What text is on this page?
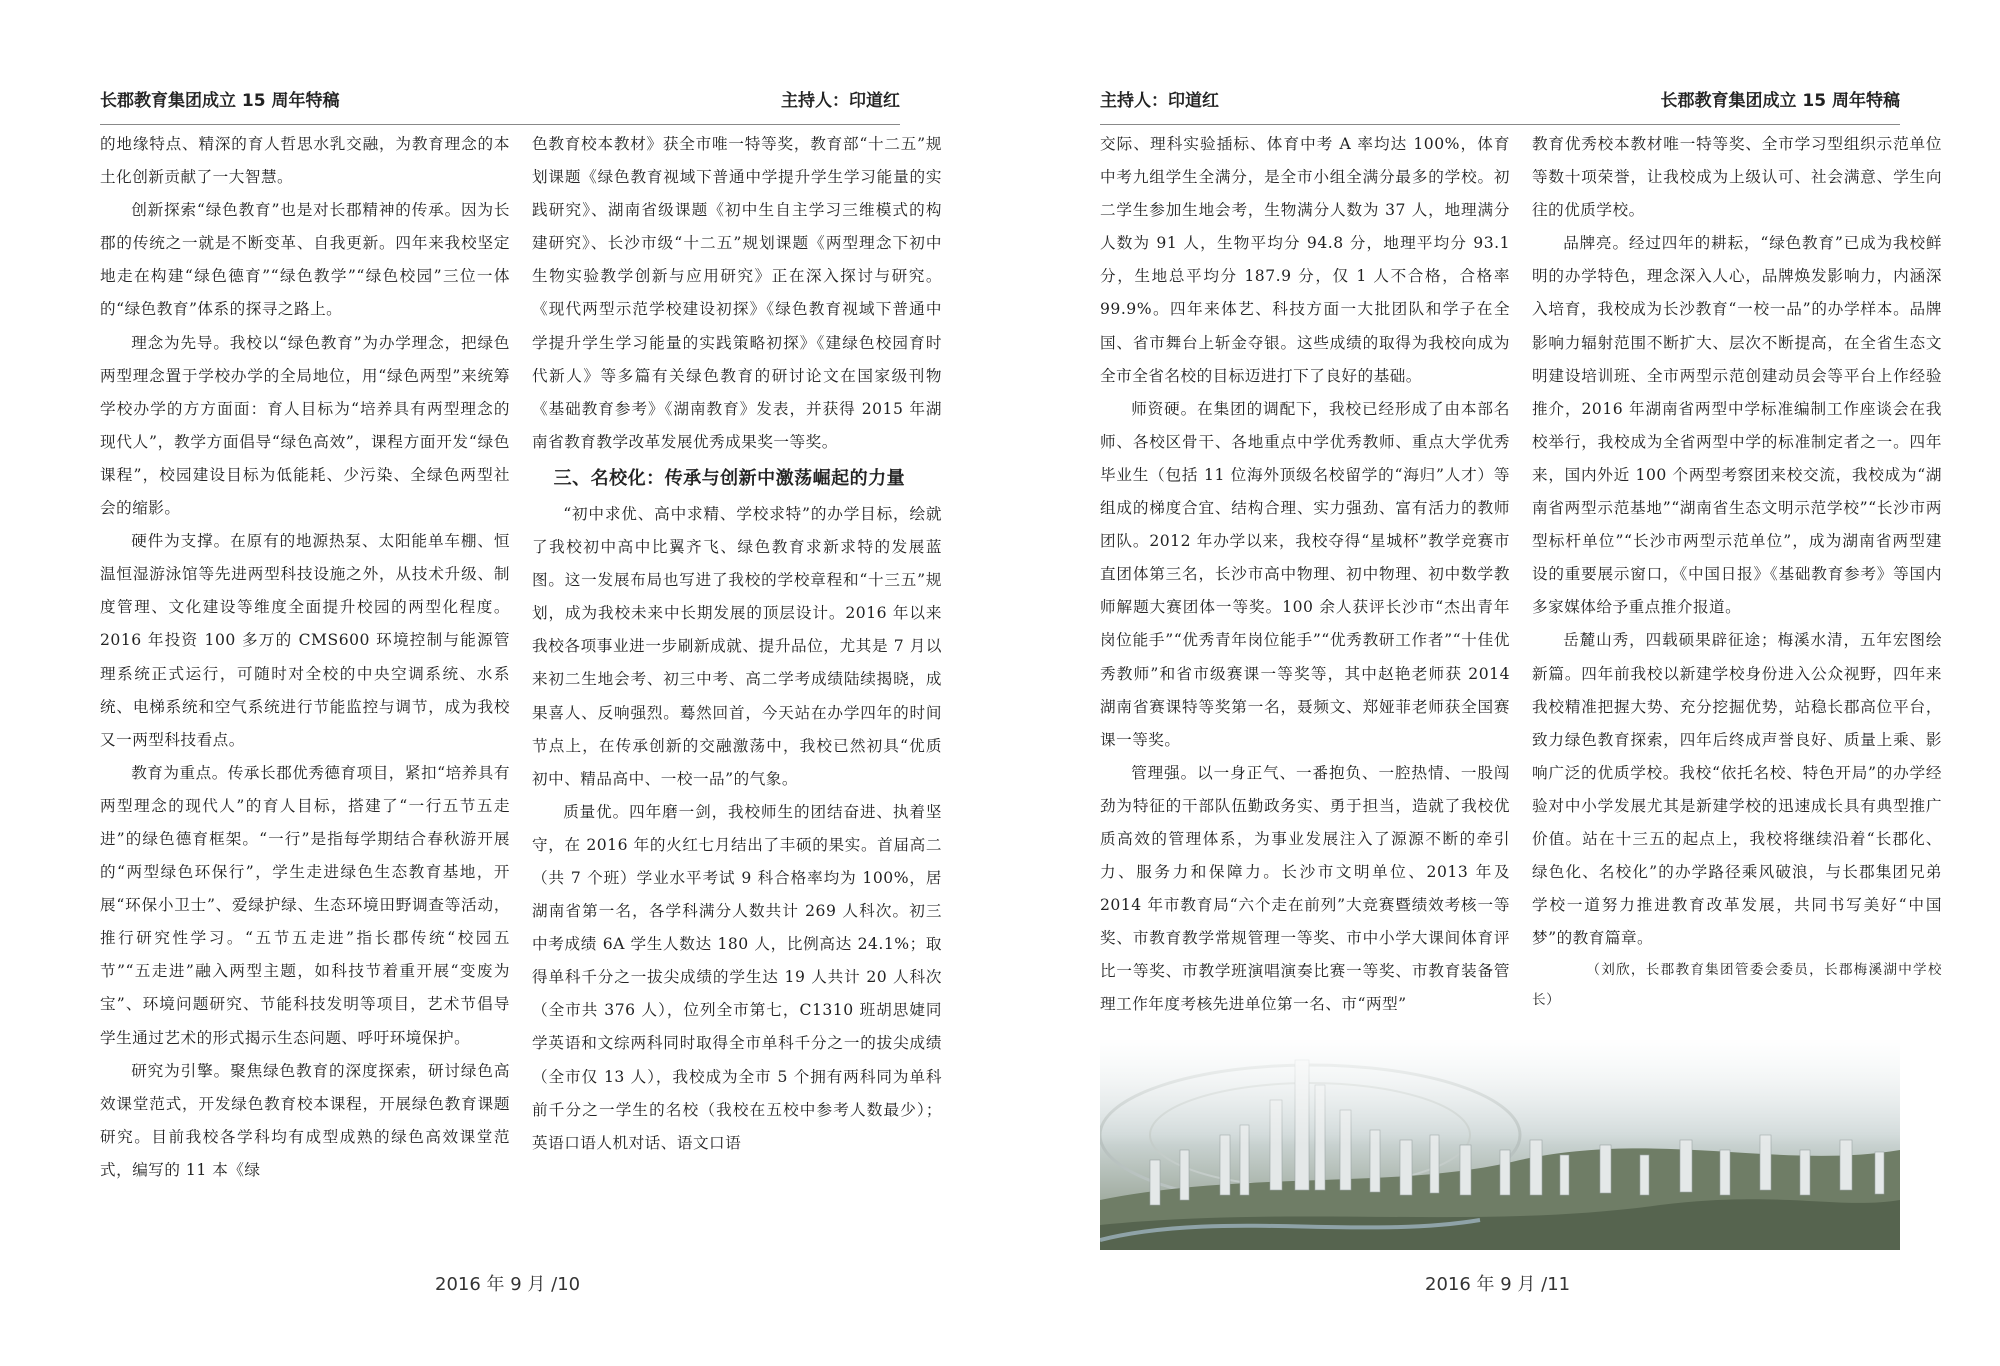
长郡教育集团成立 15 周年特稿	主持人：印道红

的地缘特点、精深的育人哲思水乳交融，为教育理念的本土化创新贡献了一大智慧。

创新探索“绿色教育”也是对长郡精神的传承。因为长郡的传统之一就是不断变革、自我更新。四年来我校坚定地走在构建“绿色德育”“绿色教学”“绿色校园”三位一体的“绿色教育”体系的探寻之路上。

理念为先导。我校以“绿色教育”为办学理念，把绿色两型理念置于学校办学的全局地位，用“绿色两型”来统筹学校办学的方方面面：育人目标为“培养具有两型理念的现代人”，教学方面倡导“绿色高效”，课程方面开发“绿色课程”，校园建设目标为低能耗、少污染、全绿色两型社会的缩影。

硬件为支撑。在原有的地源热泵、太阳能单车棚、恒温恒湿游泳馆等先进两型科技设施之外，从技术升级、制度管理、文化建设等维度全面提升校园的两型化程度。2016 年投资 100 多万的 CMS600 环境控制与能源管理系统正式运行，可随时对全校的中央空调系统、水系统、电梯系统和空气系统进行节能监控与调节，成为我校又一两型科技看点。

教育为重点。传承长郡优秀德育项目，紧扣“培养具有两型理念的现代人”的育人目标，搭建了“一行五节五走进”的绿色德育框架。“一行”是指每学期结合春秋游开展的“两型绿色环保行”，学生走进绿色生态教育基地，开展“环保小卫士”、爱绿护绿、生态环境田野调查等活动，推行研究性学习。“五节五走进”指长郡传统“校园五节”“五走进”融入两型主题，如科技节着重开展“变废为宝”、环境问题研究、节能科技发明等项目，艺术节倡导学生通过艺术的形式揭示生态问题、呼吁环境保护。

研究为引擎。聚焦绿色教育的深度探索，研讨绿色高效课堂范式，开发绿色教育校本课程，开展绿色教育课题研究。目前我校各学科均有成型成熟的绿色高效课堂范式，编写的 11 本《绿

色教育校本教材》获全市唯一特等奖，教育部“十二五”规划课题《绿色教育视域下普通中学提升学生学习能量的实践研究》、湖南省级课题《初中生自主学习三维模式的构建研究》、长沙市级“十二五”规划课题《两型理念下初中生物实验教学创新与应用研究》正在深入探讨与研究。《现代两型示范学校建设初探》《绿色教育视域下普通中学提升学生学习能量的实践策略初探》《建绿色校园育时代新人》等多篇有关绿色教育的研讨论文在国家级刊物《基础教育参考》《湖南教育》发表，并获得 2015 年湖南省教育教学改革发展优秀成果奖一等奖。

三、名校化：传承与创新中激荡崛起的力量

“初中求优、高中求精、学校求特”的办学目标，绘就了我校初中高中比翼齐飞、绿色教育求新求特的发展蓝图。这一发展布局也写进了我校的学校章程和“十三五”规划，成为我校未来中长期发展的顶层设计。2016 年以来我校各项事业进一步刷新成就、提升品位，尤其是 7 月以来初二生地会考、初三中考、高二学考成绩陆续揭晓，成果喜人、反响强烈。蓦然回首，今天站在办学四年的时间节点上，在传承创新的交融激荡中，我校已然初具“优质初中、精品高中、一校一品”的气象。

质量优。四年磨一剑，我校师生的团结奋进、执着坚守，在 2016 年的火红七月结出了丰硕的果实。首届高二（共 7 个班）学业水平考试 9 科合格率均为 100%，居湖南省第一名，各学科满分人数共计 269 人科次。初三中考成绩 6A 学生人数达 180 人，比例高达 24.1%；取得单科千分之一拔尖成绩的学生达 19 人共计 20 人科次（全市共 376 人），位列全市第七，C1310 班胡思婕同学英语和文综两科同时取得全市单科千分之一的拔尖成绩（全市仅 13 人），我校成为全市 5 个拥有两科同为单科前千分之一学生的名校（我校在五校中参考人数最少）；英语口语人机对话、语文口语

2016 年 9 月 /10
主持人：印道红	长郡教育集团成立 15 周年特稿

交际、理科实验插标、体育中考 A 率均达 100%，体育中考九组学生全满分，是全市小组全满分最多的学校。初二学生参加生地会考，生物满分人数为 37 人，地理满分人数为 91 人，生物平均分 94.8 分，地理平均分 93.1 分，生地总平均分 187.9 分，仅 1 人不合格，合格率 99.9%。四年来体艺、科技方面一大批团队和学子在全国、省市舞台上斩金夺银。这些成绩的取得为我校向成为全市全省名校的目标迈进打下了良好的基础。

师资硬。在集团的调配下，我校已经形成了由本部名师、各校区骨干、各地重点中学优秀教师、重点大学优秀毕业生（包括 11 位海外顶级名校留学的“海归”人才）等组成的梯度合宜、结构合理、实力强劲、富有活力的教师团队。2012 年办学以来，我校夺得“星城杯”教学竞赛市直团体第三名，长沙市高中物理、初中物理、初中数学教师解题大赛团体一等奖。100 余人获评长沙市“杰出青年岗位能手”“优秀青年岗位能手”“优秀教研工作者”“十佳优秀教师”和省市级赛课一等奖等，其中赵艳老师获 2014 湖南省赛课特等奖第一名，聂频文、郑娅菲老师获全国赛课一等奖。

管理强。以一身正气、一番抱负、一腔热情、一股闯劲为特征的干部队伍勤政务实、勇于担当，造就了我校优质高效的管理体系，为事业发展注入了源源不断的牵引力、服务力和保障力。长沙市文明单位、2013 年及 2014 年市教育局“六个走在前列”大竞赛暨绩效考核一等奖、市教育教学常规管理一等奖、市中小学大课间体育评比一等奖、市教学班演唱演奏比赛一等奖、市教育装备管理工作年度考核先进单位第一名、市“两型”

教育优秀校本教材唯一特等奖、全市学习型组织示范单位等数十项荣誉，让我校成为上级认可、社会满意、学生向往的优质学校。

品牌亮。经过四年的耕耘，“绿色教育”已成为我校鲜明的办学特色，理念深入人心，品牌焕发影响力，内涵深入培育，我校成为长沙教育“一校一品”的办学样本。品牌影响力辐射范围不断扩大、层次不断提高，在全省生态文明建设培训班、全市两型示范创建动员会等平台上作经验推介，2016 年湖南省两型中学标准编制工作座谈会在我校举行，我校成为全省两型中学的标准制定者之一。四年来，国内外近 100 个两型考察团来校交流，我校成为“湖南省两型示范基地”“湖南省生态文明示范学校”“长沙市两型标杆单位”“长沙市两型示范单位”，成为湖南省两型建设的重要展示窗口，《中国日报》《基础教育参考》等国内多家媒体给予重点推介报道。

岳麓山秀，四载硕果辟征途；梅溪水清，五年宏图绘新篇。四年前我校以新建学校身份进入公众视野，四年来我校精准把握大势、充分挖掘优势，站稳长郡高位平台，致力绿色教育探索，四年后终成声誉良好、质量上乘、影响广泛的优质学校。我校“依托名校、特色开局”的办学经验对中小学发展尤其是新建学校的迅速成长具有典型推广价值。站在十三五的起点上，我校将继续沿着“长郡化、绿色化、名校化”的办学路径乘风破浪，与长郡集团兄弟学校一道努力推进教育改革发展，共同书写美好“中国梦”的教育篇章。

（刘欣，长郡教育集团管委会委员，长郡梅溪湖中学校长）

2016 年 9 月 /11
